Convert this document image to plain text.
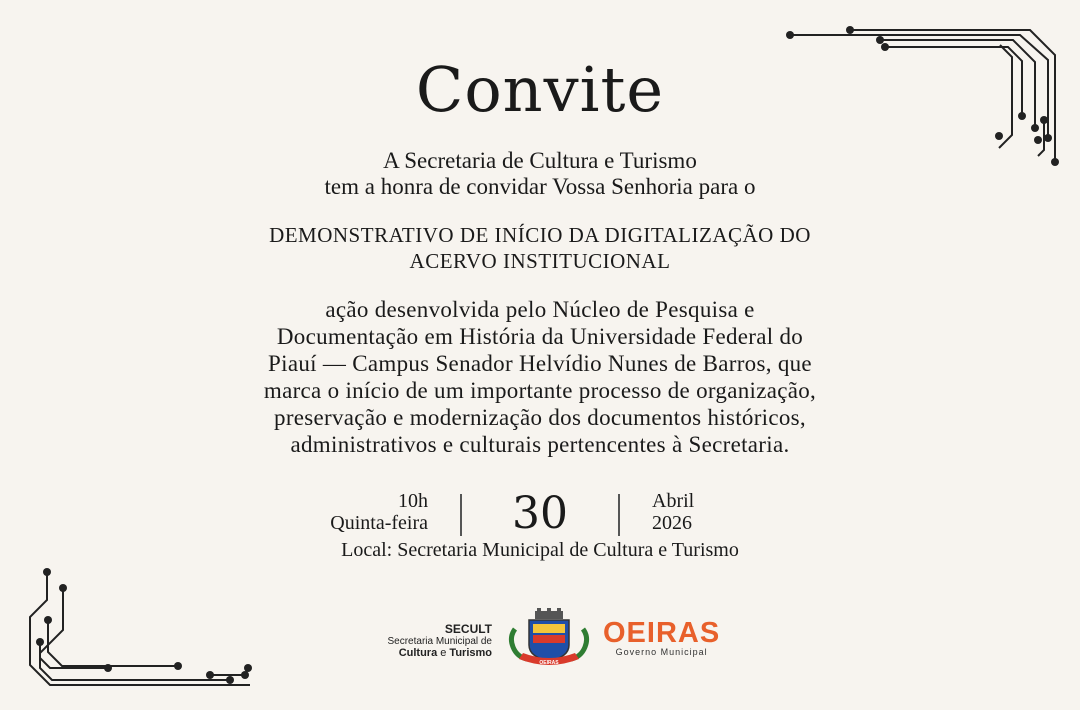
Convite
A Secretaria de Cultura e Turismo
tem a honra de convidar Vossa Senhoria para o
DEMONSTRATIVO DE INÍCIO DA DIGITALIZAÇÃO DO
ACERVO INSTITUCIONAL
ação desenvolvida pelo Núcleo de Pesquisa e
Documentação em História da Universidade Federal do
Piauí — Campus Senador Helvídio Nunes de Barros, que
marca o início de um importante processo de organização,
preservação e modernização dos documentos históricos,
administrativos e culturais pertencentes à Secretaria.
10h
Quinta-feira	30	Abril
2026
Local: Secretaria Municipal de Cultura e Turismo
SECULT
Secretaria Municipal de
Cultura e Turismo
OEIRAS
OEIRAS
Governo Municipal
